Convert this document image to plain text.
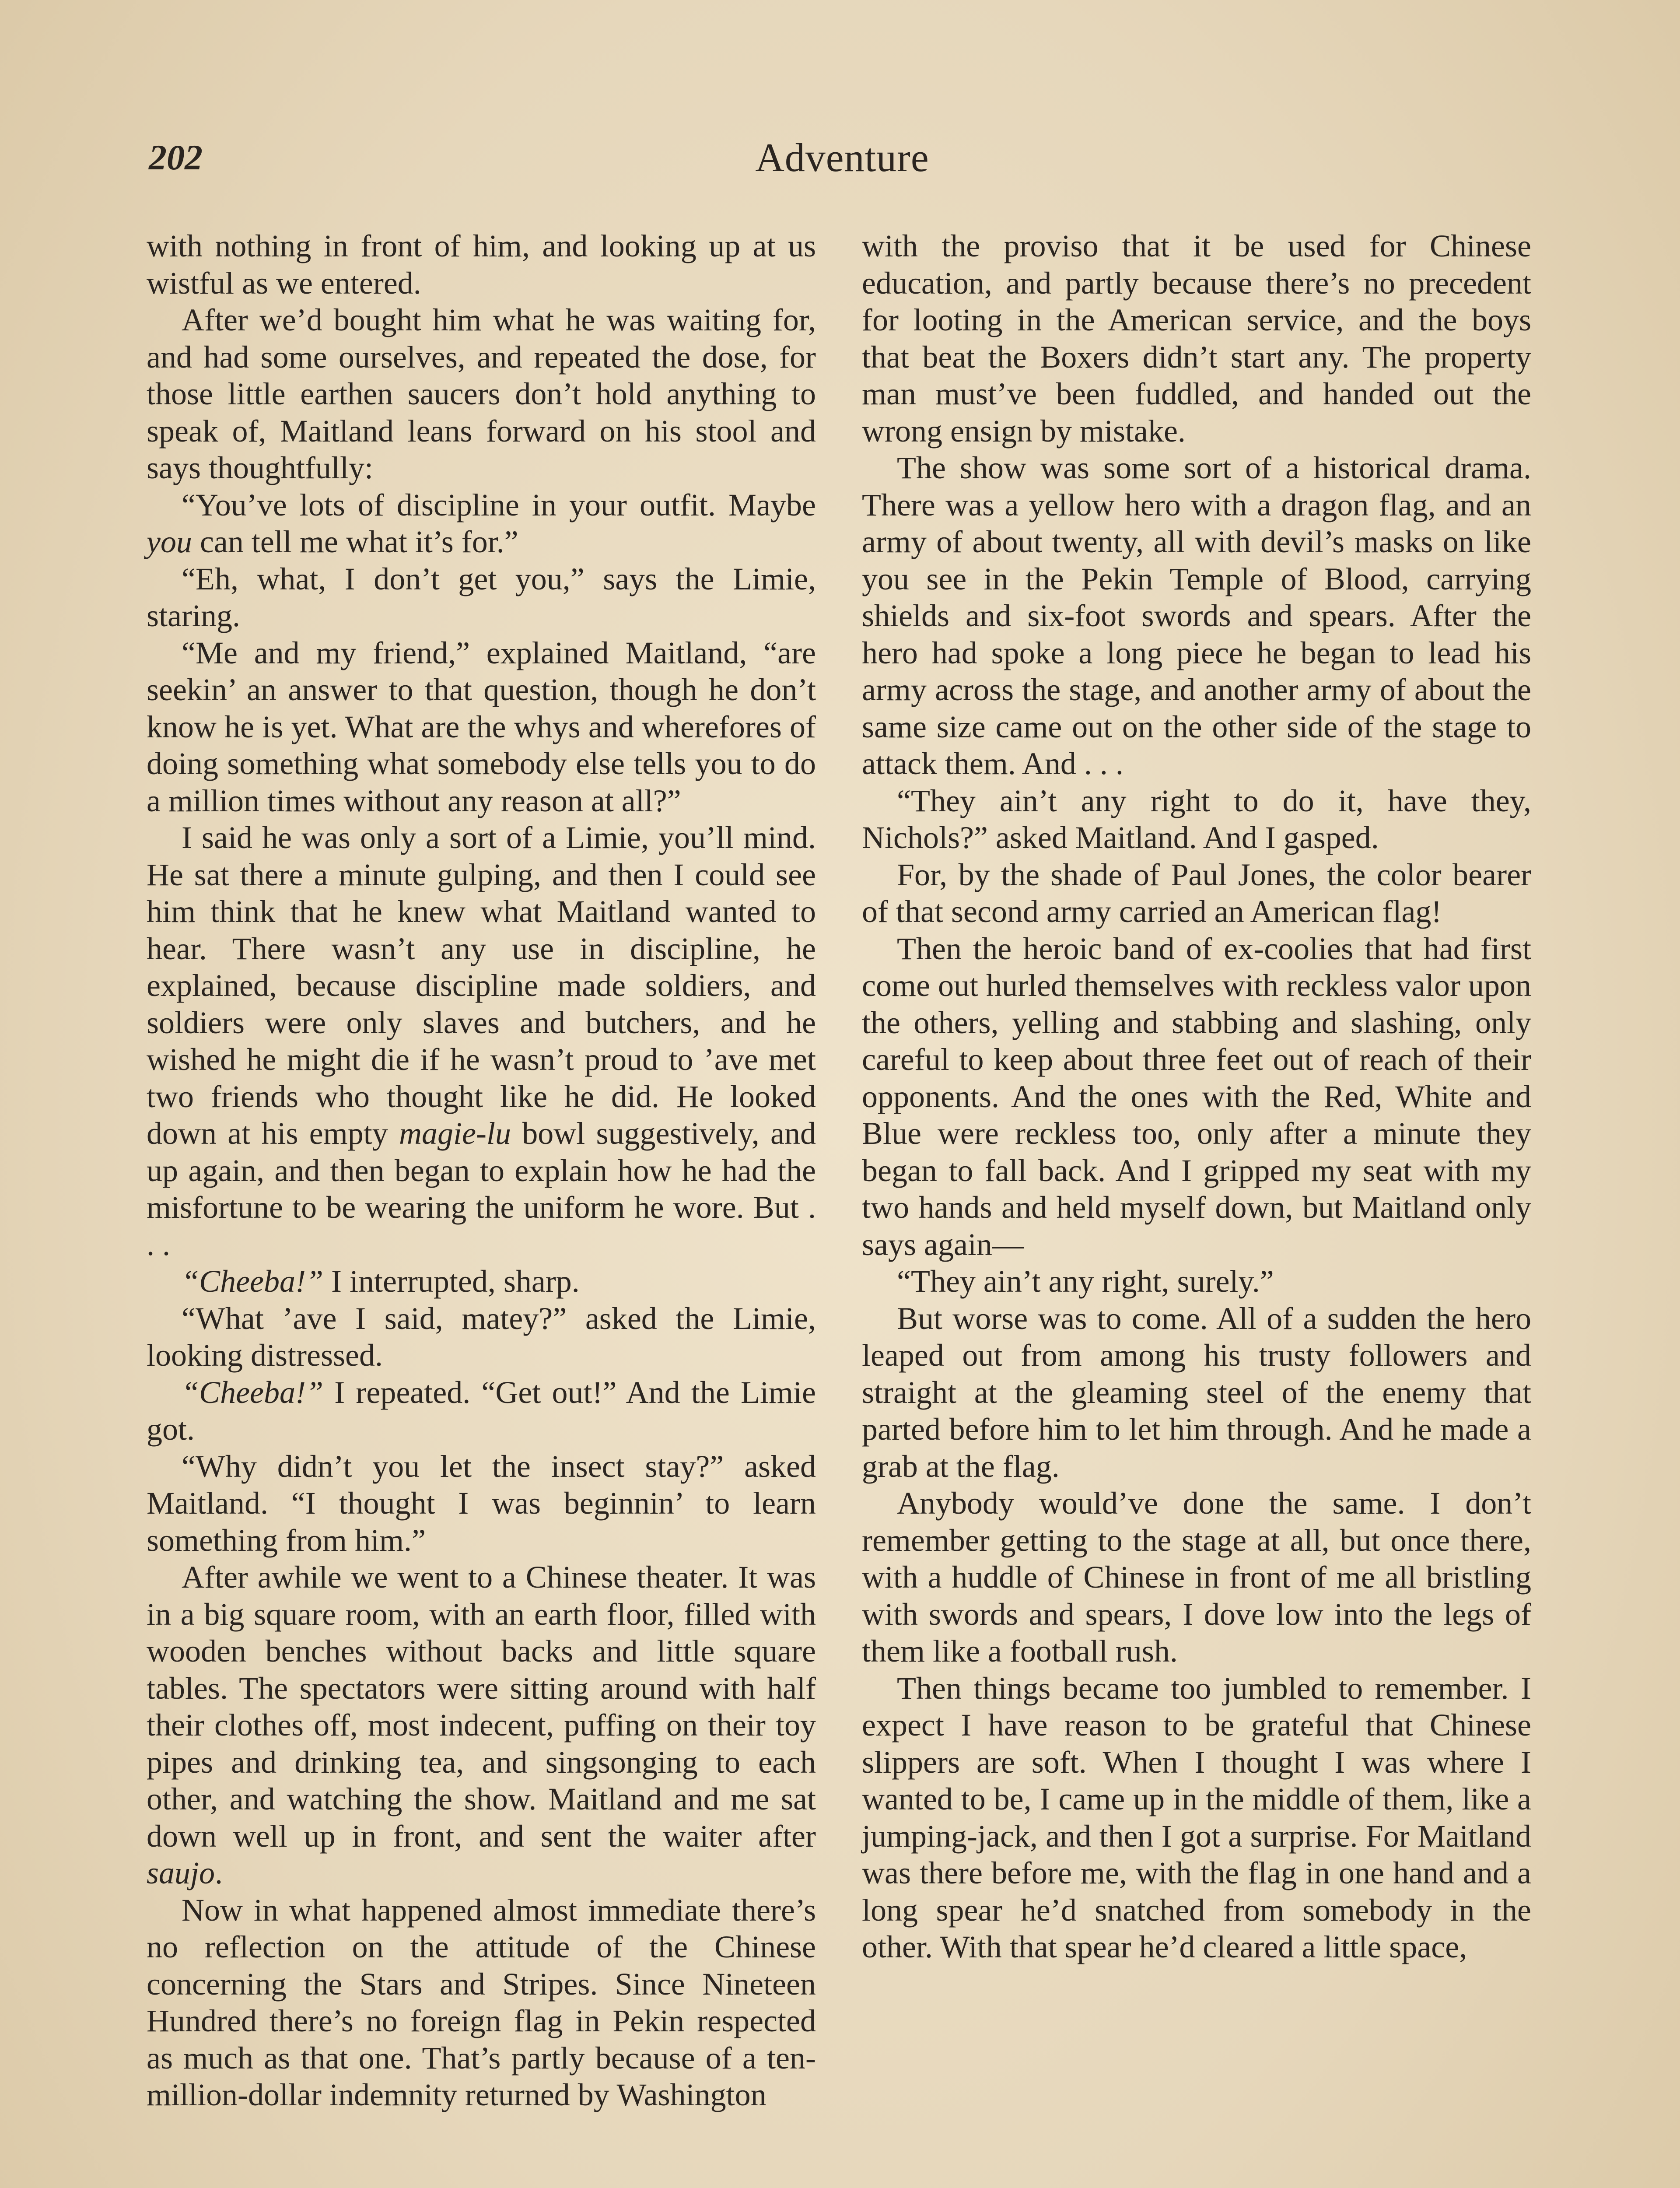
202	Adventure

with nothing in front of him, and looking up at us wistful as we entered.

After we’d bought him what he was waiting for, and had some ourselves, and repeated the dose, for those little earthen saucers don’t hold anything to speak of, Maitland leans forward on his stool and says thoughtfully:

“You’ve lots of discipline in your outfit. Maybe you can tell me what it’s for.”

“Eh, what, I don’t get you,” says the Limie, staring.

“Me and my friend,” explained Maitland, “are seekin’ an answer to that question, though he don’t know he is yet. What are the whys and wherefores of doing something what somebody else tells you to do a million times without any reason at all?”

I said he was only a sort of a Limie, you’ll mind. He sat there a minute gulping, and then I could see him think that he knew what Maitland wanted to hear. There wasn’t any use in discipline, he explained, because discipline made soldiers, and soldiers were only slaves and butchers, and he wished he might die if he wasn’t proud to ’ave met two friends who thought like he did. He looked down at his empty magie-lu bowl suggestively, and up again, and then began to explain how he had the misfortune to be wearing the uniform he wore. But . . .

“Cheeba!” I interrupted, sharp.

“What ’ave I said, matey?” asked the Limie, looking distressed.

“Cheeba!” I repeated. “Get out!” And the Limie got.

“Why didn’t you let the insect stay?” asked Maitland. “I thought I was beginnin’ to learn something from him.”

After awhile we went to a Chinese theater. It was in a big square room, with an earth floor, filled with wooden benches without backs and little square tables. The spectators were sitting around with half their clothes off, most indecent, puffing on their toy pipes and drinking tea, and singsonging to each other, and watching the show. Maitland and me sat down well up in front, and sent the waiter after saujo.

Now in what happened almost immediate there’s no reflection on the attitude of the Chinese concerning the Stars and Stripes. Since Nineteen Hundred there’s no foreign flag in Pekin respected as much as that one. That’s partly because of a ten-million-dollar indemnity returned by Washington

with the proviso that it be used for Chinese education, and partly because there’s no precedent for looting in the American service, and the boys that beat the Boxers didn’t start any. The property man must’ve been fuddled, and handed out the wrong ensign by mistake.

The show was some sort of a historical drama. There was a yellow hero with a dragon flag, and an army of about twenty, all with devil’s masks on like you see in the Pekin Temple of Blood, carrying shields and six-foot swords and spears. After the hero had spoke a long piece he began to lead his army across the stage, and another army of about the same size came out on the other side of the stage to attack them. And . . .

“They ain’t any right to do it, have they, Nichols?” asked Maitland. And I gasped.

For, by the shade of Paul Jones, the color bearer of that second army carried an American flag!

Then the heroic band of ex-coolies that had first come out hurled themselves with reckless valor upon the others, yelling and stabbing and slashing, only careful to keep about three feet out of reach of their opponents. And the ones with the Red, White and Blue were reckless too, only after a minute they began to fall back. And I gripped my seat with my two hands and held myself down, but Maitland only says again—

“They ain’t any right, surely.”

But worse was to come. All of a sudden the hero leaped out from among his trusty followers and straight at the gleaming steel of the enemy that parted before him to let him through. And he made a grab at the flag.

Anybody would’ve done the same. I don’t remember getting to the stage at all, but once there, with a huddle of Chinese in front of me all bristling with swords and spears, I dove low into the legs of them like a football rush.

Then things became too jumbled to remember. I expect I have reason to be grateful that Chinese slippers are soft. When I thought I was where I wanted to be, I came up in the middle of them, like a jumping-jack, and then I got a surprise. For Maitland was there before me, with the flag in one hand and a long spear he’d snatched from somebody in the other. With that spear he’d cleared a little space,
